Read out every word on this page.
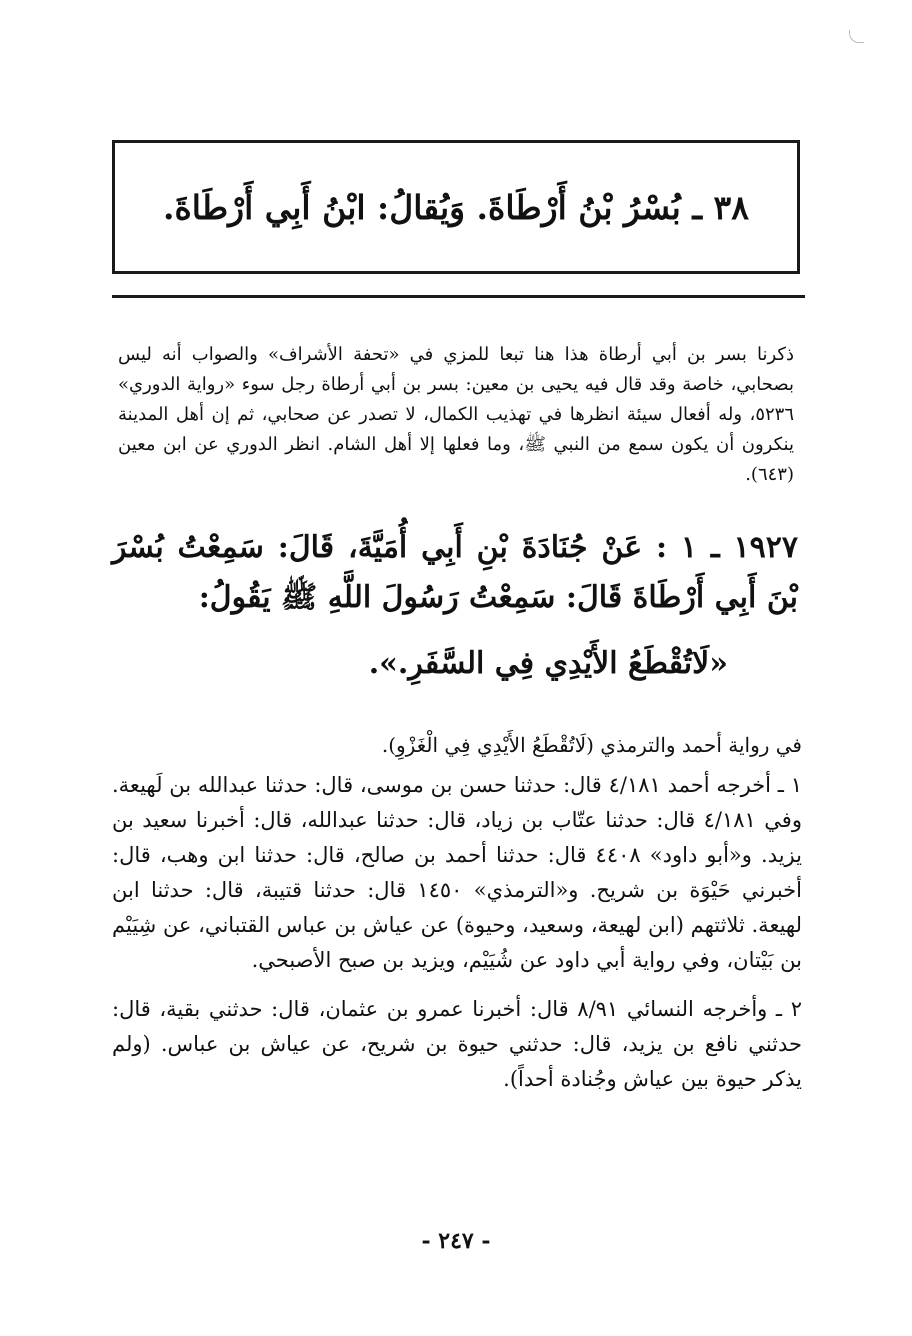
٣٨ ـ بُسْرُ بْنُ أَرْطَاةَ. وَيُقالُ: ابْنُ أَبِي أَرْطَاةَ.
ذكرنا بسر بن أبي أرطاة هذا هنا تبعا للمزي في «تحفة الأشراف» والصواب أنه ليس بصحابي، خاصة وقد قال فيه يحيى بن معين: بسر بن أبي أرطاة رجل سوء «رواية الدوري» ٥٢٣٦، وله أفعال سيئة انظرها في تهذيب الكمال، لا تصدر عن صحابي، ثم إن أهل المدينة ينكرون أن يكون سمع من النبي ﷺ، وما فعلها إلا أهل الشام. انظر الدوري عن ابن معين (٦٤٣).
١٩٢٧ ـ ١ : عَنْ جُنَادَةَ بْنِ أَبِي أُمَيَّةَ، قَالَ: سَمِعْتُ بُسْرَ بْنَ أَبِي أَرْطَاةَ قَالَ: سَمِعْتُ رَسُولَ اللَّهِ ﷺ يَقُولُ:
«لَاتُقْطَعُ الأَيْدِي فِي السَّفَرِ.».
في رواية أحمد والترمذي (لَاتُقْطَعُ الأَيْدِي فِي الْغَزْوِ).

١ ـ أخرجه أحمد ٤/١٨١ قال: حدثنا حسن بن موسى، قال: حدثنا عبدالله بن لَهيعة. وفي ٤/١٨١ قال: حدثنا عتّاب بن زياد، قال: حدثنا عبدالله، قال: أخبرنا سعيد بن يزيد. و«أبو داود» ٤٤٠٨ قال: حدثنا أحمد بن صالح، قال: حدثنا ابن وهب، قال: أخبرني حَيْوَة بن شريح. و«الترمذي» ١٤٥٠ قال: حدثنا قتيبة، قال: حدثنا ابن لهيعة. ثلاثتهم (ابن لهيعة، وسعيد، وحيوة) عن عياش بن عباس القتباني، عن شِيَيْم بن بَيْتان، وفي رواية أبي داود عن شُيَيْم، ويزيد بن صبح الأصبحي.

٢ ـ وأخرجه النسائي ٨/٩١ قال: أخبرنا عمرو بن عثمان، قال: حدثني بقية، قال: حدثني نافع بن يزيد، قال: حدثني حيوة بن شريح، عن عياش بن عباس. (ولم يذكر حيوة بين عياش وجُنادة أحداً).

- ٢٤٧ -
